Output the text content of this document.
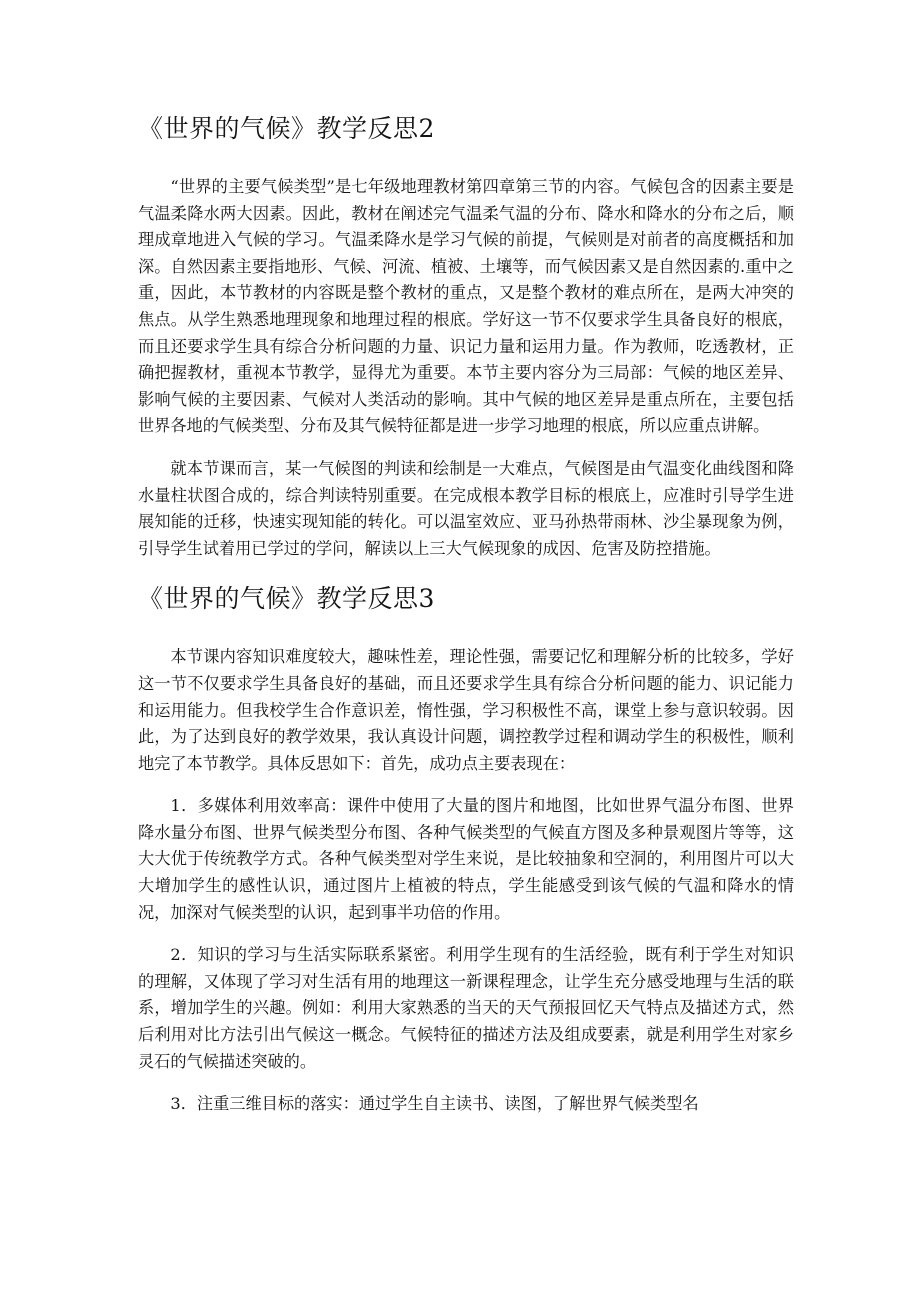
《世界的气候》教学反思2

“世界的主要气候类型”是七年级地理教材第四章第三节的内容。气候包含的因素主要是气温柔降水两大因素。因此，教材在阐述完气温柔气温的分布、降水和降水的分布之后，顺理成章地进入气候的学习。气温柔降水是学习气候的前提，气候则是对前者的高度概括和加深。自然因素主要指地形、气候、河流、植被、土壤等，而气候因素又是自然因素的.重中之重，因此，本节教材的内容既是整个教材的重点，又是整个教材的难点所在，是两大冲突的焦点。从学生熟悉地理现象和地理过程的根底。学好这一节不仅要求学生具备良好的根底，而且还要求学生具有综合分析问题的力量、识记力量和运用力量。作为教师，吃透教材，正确把握教材，重视本节教学，显得尤为重要。本节主要内容分为三局部：气候的地区差异、影响气候的主要因素、气候对人类活动的影响。其中气候的地区差异是重点所在，主要包括世界各地的气候类型、分布及其气候特征都是进一步学习地理的根底，所以应重点讲解。

就本节课而言，某一气候图的判读和绘制是一大难点，气候图是由气温变化曲线图和降水量柱状图合成的，综合判读特别重要。在完成根本教学目标的根底上，应准时引导学生进展知能的迁移，快速实现知能的转化。可以温室效应、亚马孙热带雨林、沙尘暴现象为例，引导学生试着用已学过的学问，解读以上三大气候现象的成因、危害及防控措施。

《世界的气候》教学反思3

本节课内容知识难度较大，趣味性差，理论性强，需要记忆和理解分析的比较多，学好这一节不仅要求学生具备良好的基础，而且还要求学生具有综合分析问题的能力、识记能力和运用能力。但我校学生合作意识差，惰性强，学习积极性不高，课堂上参与意识较弱。因此，为了达到良好的教学效果，我认真设计问题，调控教学过程和调动学生的积极性，顺利地完了本节教学。具体反思如下：首先，成功点主要表现在：

1．多媒体利用效率高：课件中使用了大量的图片和地图，比如世界气温分布图、世界降水量分布图、世界气候类型分布图、各种气候类型的气候直方图及多种景观图片等等，这大大优于传统教学方式。各种气候类型对学生来说，是比较抽象和空洞的，利用图片可以大大增加学生的感性认识，通过图片上植被的特点，学生能感受到该气候的气温和降水的情况，加深对气候类型的认识，起到事半功倍的作用。

2．知识的学习与生活实际联系紧密。利用学生现有的生活经验，既有利于学生对知识的理解，又体现了学习对生活有用的地理这一新课程理念，让学生充分感受地理与生活的联系，增加学生的兴趣。例如：利用大家熟悉的当天的天气预报回忆天气特点及描述方式，然后利用对比方法引出气候这一概念。气候特征的描述方法及组成要素，就是利用学生对家乡灵石的气候描述突破的。

3．注重三维目标的落实：通过学生自主读书、读图，了解世界气候类型名
